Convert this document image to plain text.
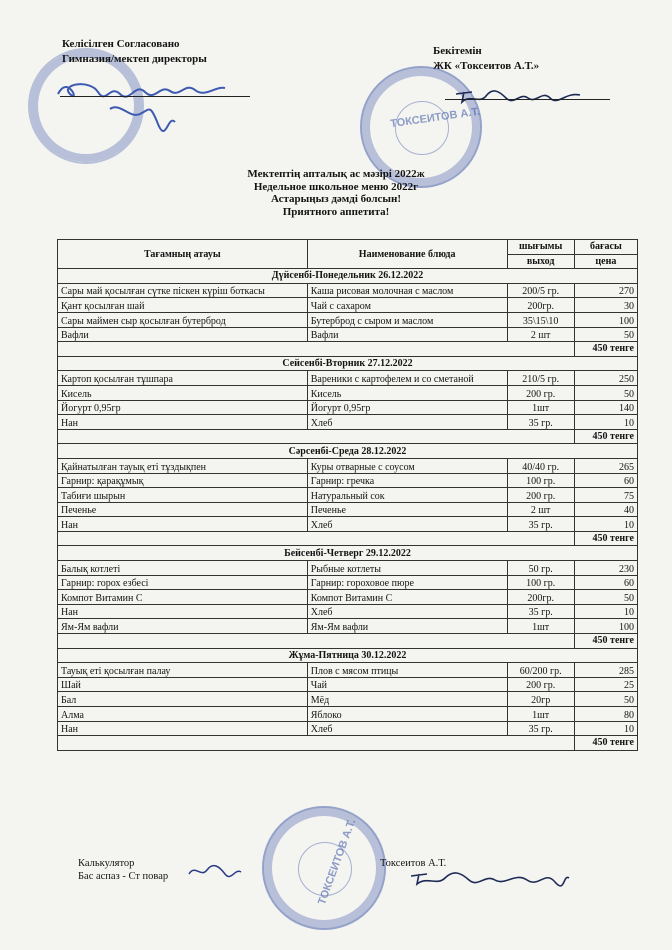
Келісілген Согласовано
Гимназия/мектеп директоры
Бекітемін
ЖК «Токсеитов А.Т.»
ТОКСЕИТОВ А.Т.
Мектептің апталық ас мәзірі 2022ж
Недельное школьное меню 2022г
Астарыңыз дәмді болсын!
Приятного аппетита!
Тағамның атауы	Наименование блюда	шығымы	бағасы
		выход	цена
Дүйсенбі-Понедельник 26.12.2022			
Сары май қосылған сүтке піскен күріш боткасы	Каша рисовая молочная с маслом	200/5 гр.	270
Қант қосылған шай	Чай с сахаром	200гр.	30
Сары маймен сыр қосылған бутерброд	Бутерброд с сыром и маслом	35\15\10	100
Вафли	Вафли	2 шт	50
			450 тенге
Сейсенбі-Вторник 27.12.2022			
Картоп қосылған тұшпара	Вареники с картофелем и со сметаной	210/5 гр.	250
Кисель	Кисель	200 гр.	50
Йогурт 0,95гр	Йогурт 0,95гр	1шт	140
Нан	Хлеб	35 гр.	10
			450 тенге
Сәрсенбі-Среда 28.12.2022			
Қайнатылған тауық еті тұздықпен	Куры отварные с соусом	40/40 гр.	265
Гарнир: қарақұмық	Гарнир: гречка	100 гр.	60
Табиғи шырын	Натуральный сок	200 гр.	75
Печенье	Печенье	2 шт	40
Нан	Хлеб	35 гр.	10
			450 тенге
Бейсенбі-Четверг 29.12.2022			
Балық котлеті	Рыбные котлеты	50 гр.	230
Гарнир: горох езбесі	Гарнир: гороховое пюре	100 гр.	60
Компот Витамин С	Компот Витамин С	200гр.	50
Нан	Хлеб	35 гр.	10
Ям-Ям вафли	Ям-Ям вафли	1шт	100
			450 тенге
Жұма-Пятница 30.12.2022			
Тауық еті қосылған палау	Плов с мясом птицы	60/200 гр.	285
Шай	Чай	200 гр.	25
Бал	Мёд	20гр	50
Алма	Яблоко	1шт	80
Нан	Хлеб	35 гр.	10
			450 тенге
ТОКСЕИТОВ А.Т.
Калькулятор
Бас аспаз - Ст повар
Токсеитов А.Т.
